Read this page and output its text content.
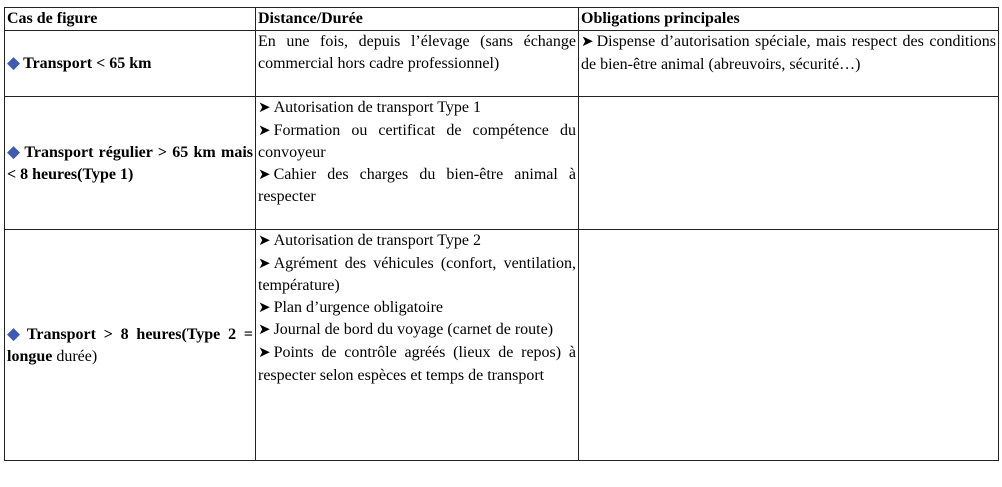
Cas de figure	Distance/Durée	Obligations principales
◆ Transport < 65 km	En une fois, depuis l’élevage (sans échange commercial hors cadre professionnel)	➤ Dispense d’autorisation spéciale, mais respect des conditions de bien-être animal (abreuvoirs, sécurité…)
◆ Transport régulier > 65 km mais < 8 heures(Type 1)	➤ Autorisation de transport Type 1
➤ Formation ou certificat de compétence du convoyeur
➤ Cahier des charges du bien-être animal à respecter	

◆ Transport > 8 heures(Type 2 = longue durée)	➤ Autorisation de transport Type 2
➤ Agrément des véhicules (confort, ventilation, température)
➤ Plan d’urgence obligatoire
➤ Journal de bord du voyage (carnet de route)
➤ Points de contrôle agréés (lieux de repos) à respecter selon espèces et temps de transport	
